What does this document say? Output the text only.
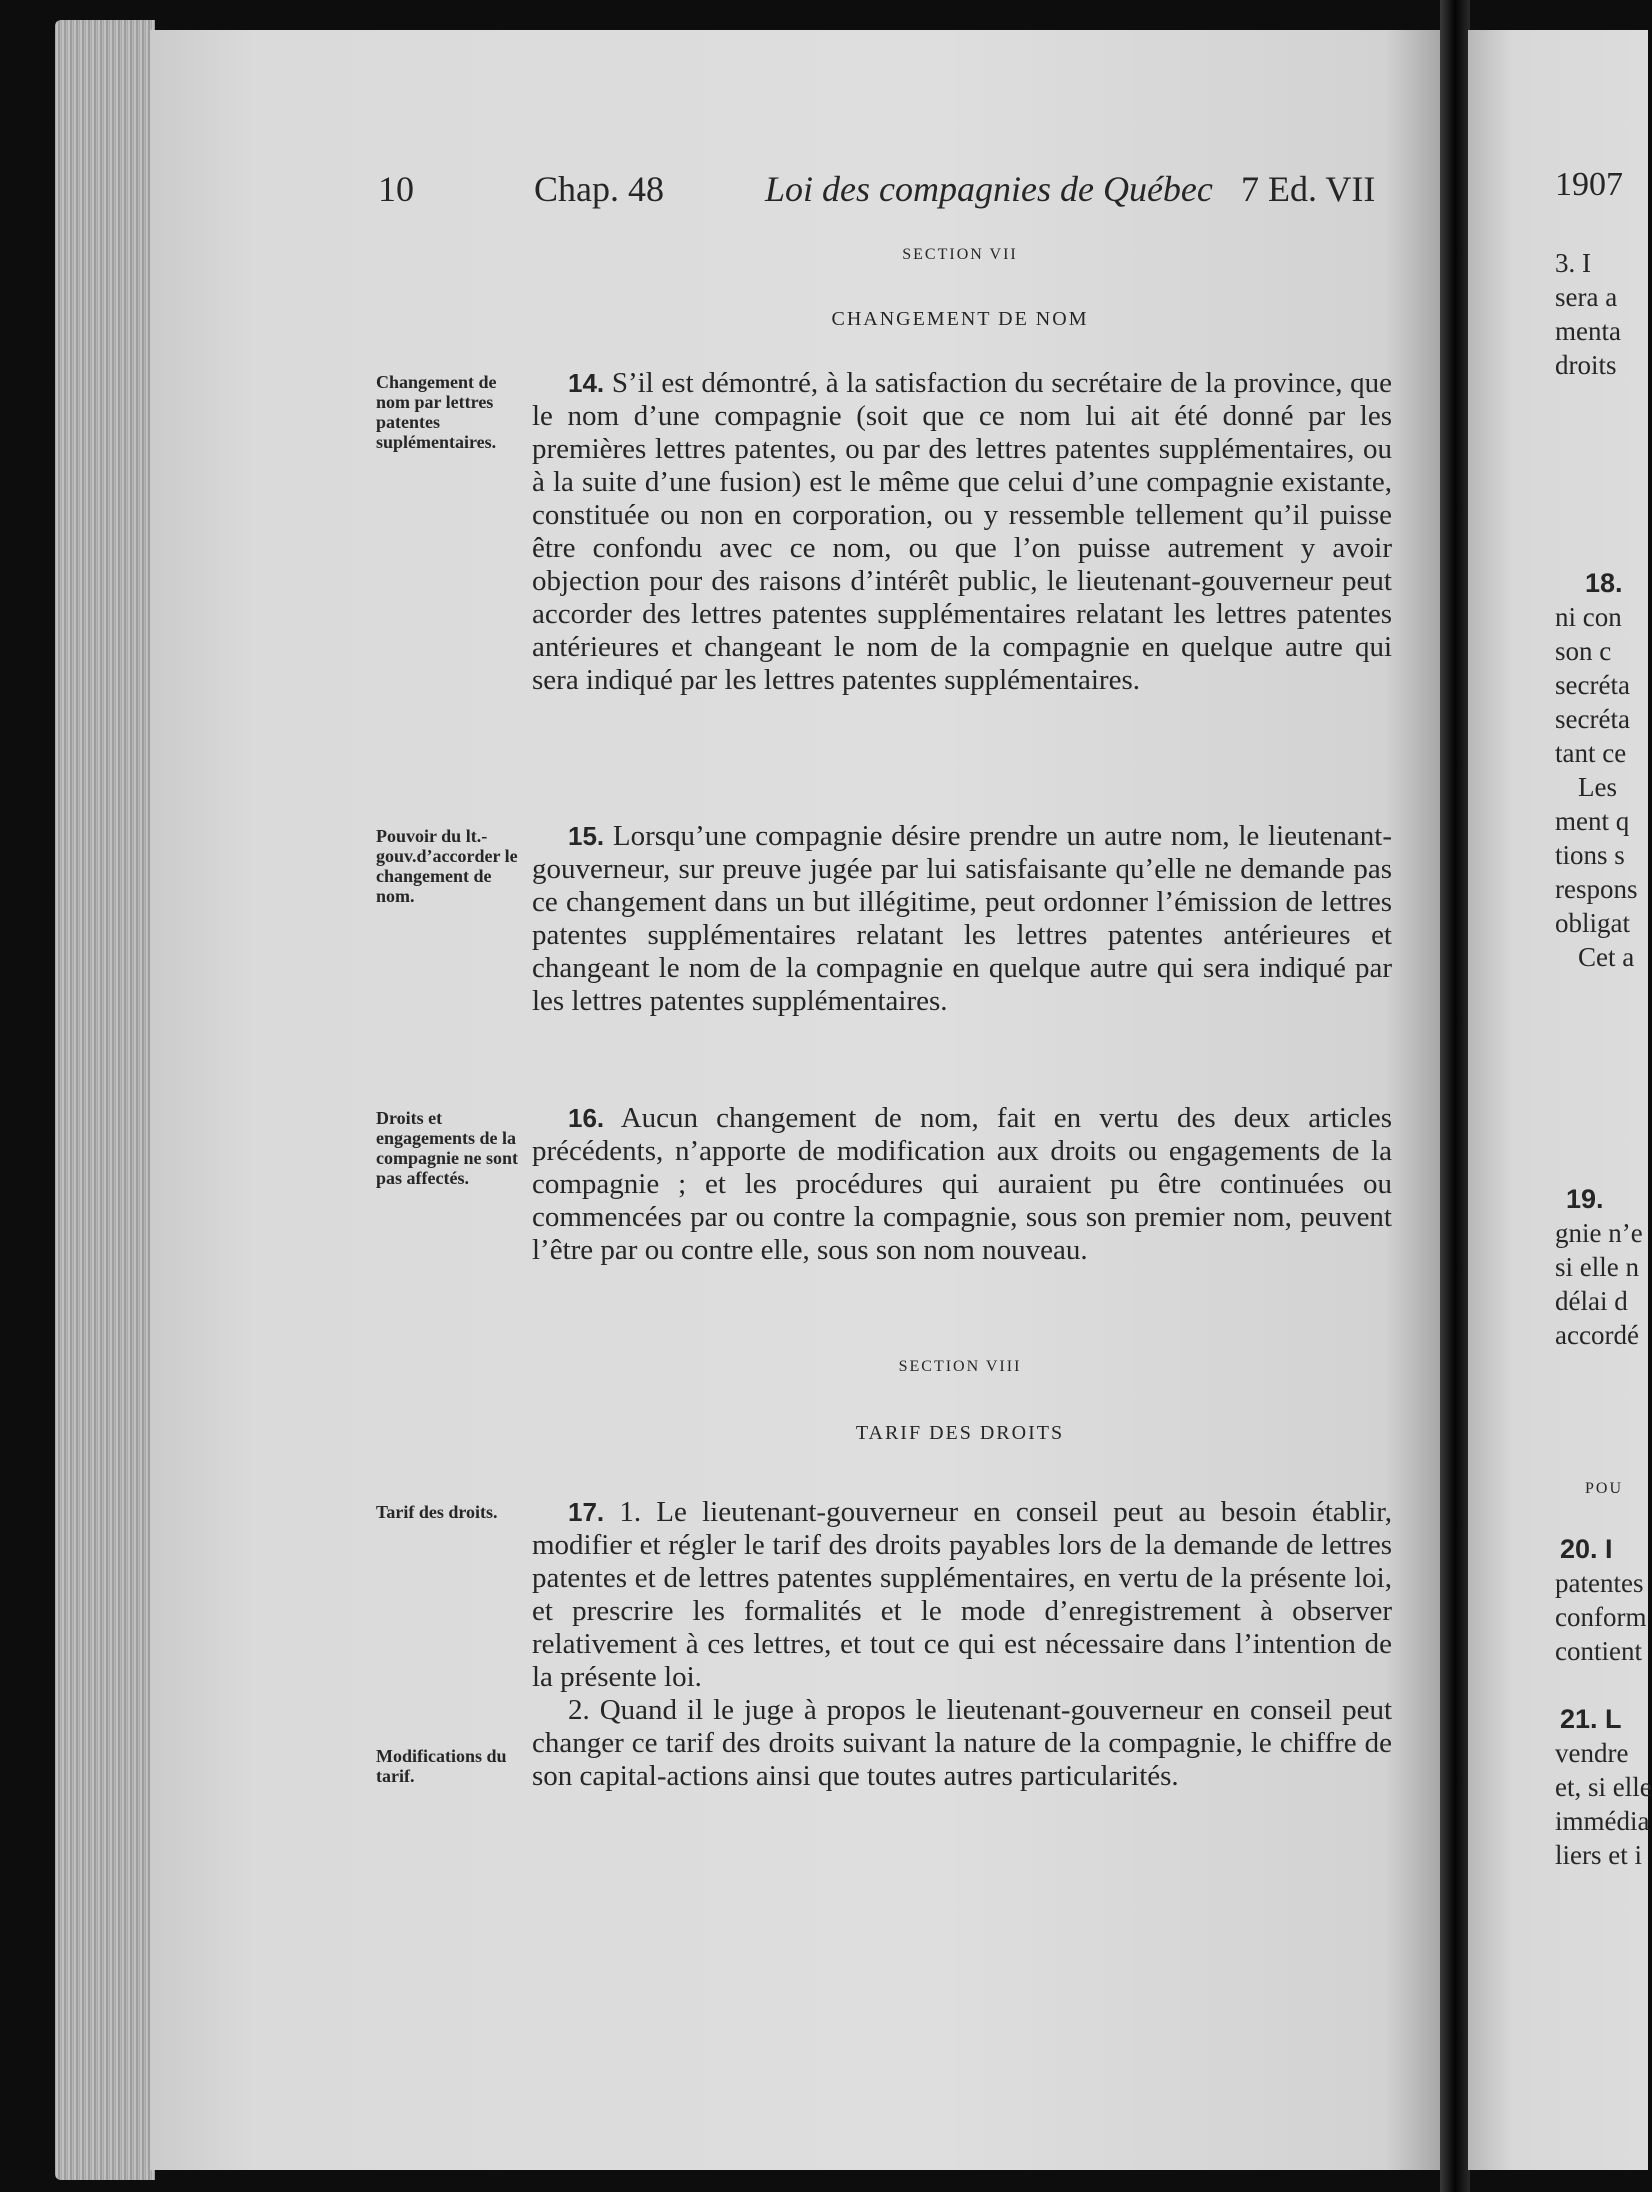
10	Chap. 48	Loi des compagnies de Québec 7 Ed. VII
SECTION VII
CHANGEMENT DE NOM
Changement de nom par lettres patentes suplémentaires.

14. S’il est démontré, à la satisfaction du secrétaire de la province, que le nom d’une compagnie (soit que ce nom lui ait été donné par les premières lettres patentes, ou par des lettres patentes supplémentaires, ou à la suite d’une fusion) est le même que celui d’une compagnie existante, constituée ou non en corporation, ou y ressemble tellement qu’il puisse être confondu avec ce nom, ou que l’on puisse autrement y avoir objection pour des raisons d’intérêt public, le lieutenant-gouverneur peut accorder des lettres patentes supplémentaires relatant les lettres patentes antérieures et changeant le nom de la compagnie en quelque autre qui sera indiqué par les lettres patentes supplémentaires.

Pouvoir du lt.-gouv.d’accorder le changement de nom.

15. Lorsqu’une compagnie désire prendre un autre nom, le lieutenant-gouverneur, sur preuve jugée par lui satisfaisante qu’elle ne demande pas ce changement dans un but illégitime, peut ordonner l’émission de lettres patentes supplémentaires relatant les lettres patentes antérieures et changeant le nom de la compagnie en quelque autre qui sera indiqué par les lettres patentes supplémentaires.

Droits et engagements de la compagnie ne sont pas affectés.

16. Aucun changement de nom, fait en vertu des deux articles précédents, n’apporte de modification aux droits ou engagements de la compagnie ; et les procédures qui auraient pu être continuées ou commencées par ou contre la compagnie, sous son premier nom, peuvent l’être par ou contre elle, sous son nom nouveau.

SECTION VIII
TARIF DES DROITS
Tarif des droits.
Modifications du tarif.

17. 1. Le lieutenant-gouverneur en conseil peut au besoin établir, modifier et régler le tarif des droits payables lors de la demande de lettres patentes et de lettres patentes supplémentaires, en vertu de la présente loi, et prescrire les formalités et le mode d’enregistrement à observer relativement à ces lettres, et tout ce qui est nécessaire dans l’intention de la présente loi.

2. Quand il le juge à propos le lieutenant-gouverneur en conseil peut changer ce tarif des droits suivant la nature de la compagnie, le chiffre de son capital-actions ainsi que toutes autres particularités.

1907
3. I
sera a
menta
droits
18.
ni con
son c
secréta
secréta
tant ce
Les
ment q
tions s
respons
obligat
Cet a
19.
gnie n’e
si elle n
délai d
accordé
POU
20. I
patentes
conform
contient
21. L
vendre
et, si elle
immédia
liers et i
